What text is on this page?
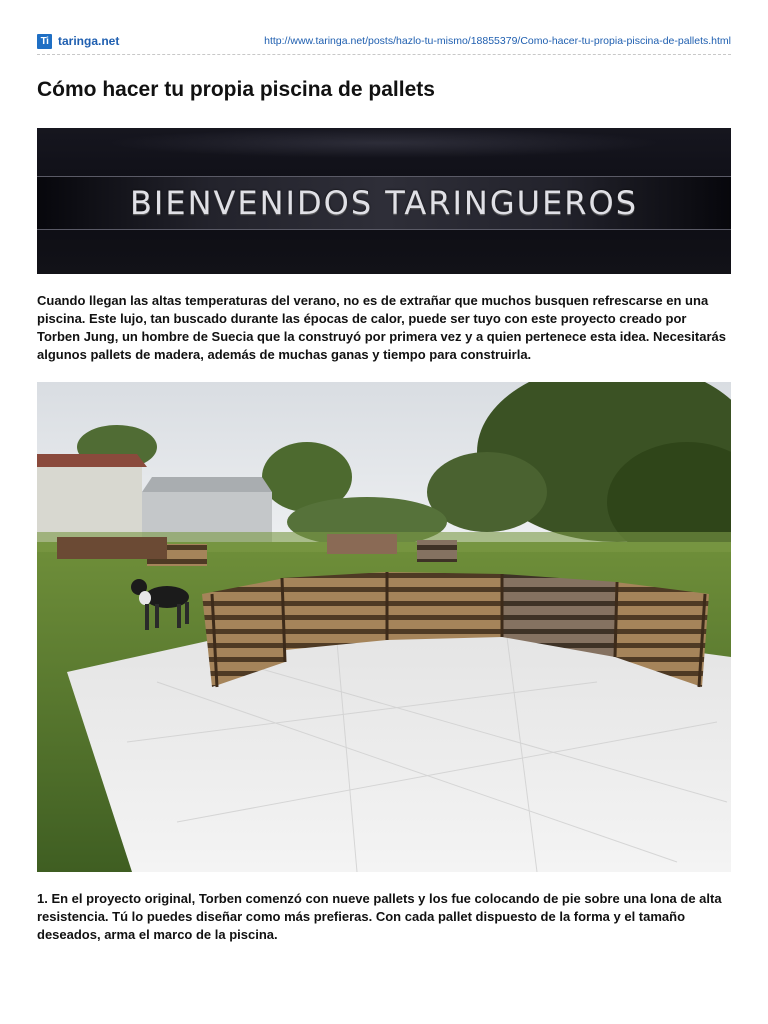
Ti taringa.net	http://www.taringa.net/posts/hazlo-tu-mismo/18855379/Como-hacer-tu-propia-piscina-de-pallets.html
Cómo hacer tu propia piscina de pallets
BIENVENIDOS TARINGUEROS

Cuando llegan las altas temperaturas del verano, no es de extrañar que muchos busquen refrescarse en una piscina. Este lujo, tan buscado durante las épocas de calor, puede ser tuyo con este proyecto creado por Torben Jung, un hombre de Suecia que la construyó por primera vez y a quien pertenece esta idea. Necesitarás algunos pallets de madera, además de muchas ganas y tiempo para construirla.

1. En el proyecto original, Torben comenzó con nueve pallets y los fue colocando de pie sobre una lona de alta resistencia. Tú lo puedes diseñar como más prefieras. Con cada pallet dispuesto de la forma y el tamaño deseados, arma el marco de la piscina.
